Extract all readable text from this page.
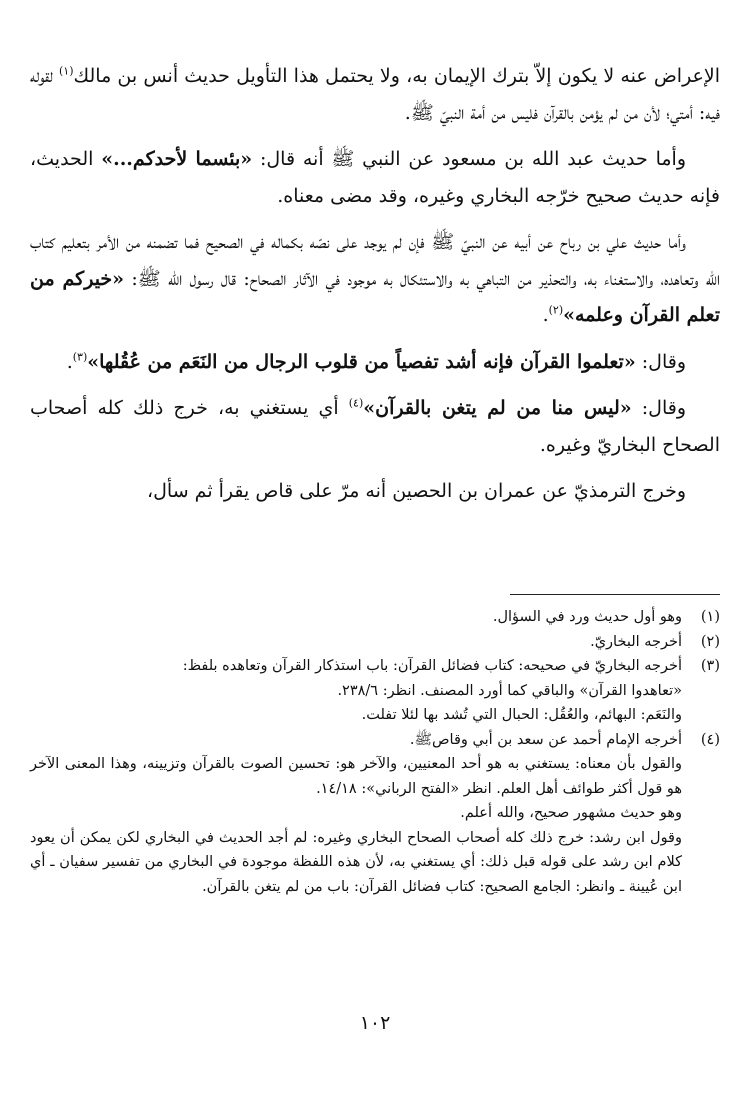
الإعراض عنه لا يكون إلاّ بترك الإيمان به، ولا يحتمل هذا التأويل حديث أنس بن مالك$^{(١)}$ لقوله فيه: أمتي؛ لأن من لم يؤمن بالقرآن فليس من أمة النبيّ ﷺ.

وأما حديث عبد الله بن مسعود عن النبي ﷺ أنه قال: «بئسما لأحدكم...» الحديث، فإنه حديث صحيح خرّجه البخاري وغيره، وقد مضى معناه.

وأما حديث علي بن رباح عن أبيه عن النبيّ ﷺ فإن لم يوجد على نصّه بكماله في الصحيح فما تضمنه من الأمر بتعليم كتاب الله وتعاهده، والاستغناء به، والتحذير من التباهي به والاستئكال به موجود في الآثار الصحاح: قال رسول الله ﷺ: «خيركم من تعلم القرآن وعلمه»$^{(٢)}$.

وقال: «تعلموا القرآن فإنه أشد تفصياً من قلوب الرجال من النَعَم من عُقُلها»$^{(٣)}$.

وقال: «ليس منا من لم يتغن بالقرآن»$^{(٤)}$ أي يستغني به، خرج ذلك كله أصحاب الصحاح البخاريّ وغيره.

وخرج الترمذيّ عن عمران بن الحصين أنه مرّ على قاص يقرأ ثم سأل،

(١)
وهو أول حديث ورد في السؤال.
(٢)
أخرجه البخاريّ.
(٣)
أخرجه البخاريّ في صحيحه: كتاب فضائل القرآن: باب استذكار القرآن وتعاهده بلفظ:
«تعاهدوا القرآن» والباقي كما أورد المصنف. انظر: ٢٣٨/٦.
والنَعَم: البهائم، والعُقُل: الحبال التي تُشد بها لئلا تفلت.
(٤)
أخرجه الإمام أحمد عن سعد بن أبي وقاصﷺ.
والقول بأن معناه: يستغني به هو أحد المعنيين، والآخر هو: تحسين الصوت بالقرآن وتزيينه، وهذا المعنى الآخر هو قول أكثر طوائف أهل العلم. انظر «الفتح الرباني»: ١٤/١٨.
وهو حديث مشهور صحيح، والله أعلم.
وقول ابن رشد: خرج ذلك كله أصحاب الصحاح البخاري وغيره: لم أجد الحديث في البخاري لكن يمكن أن يعود كلام ابن رشد على قوله قبل ذلك: أي يستغني به، لأن هذه اللفظة موجودة في البخاري من تفسير سفيان ـ أي ابن عُيينة ـ وانظر: الجامع الصحيح: كتاب فضائل القرآن: باب من لم يتغن بالقرآن.
١٠٢
